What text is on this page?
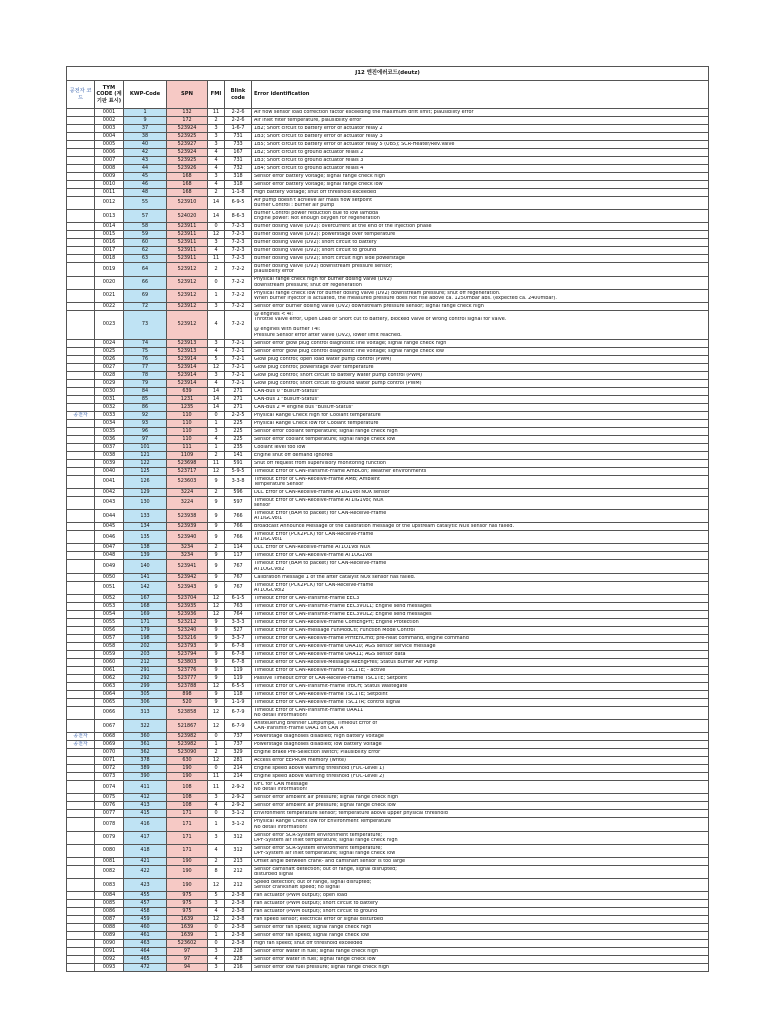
J12 엔진에러코드(deutz)						
공전자 코드	TYM CODE (계기판 표시)	KWP-Code	SPN	FMI	Blink code	Error identification
	0001	1	132	11	2-2-6	Air flow sensor load correction factor exceeding the maximum drift limit; plausibility error

	0002	9	172	2	2-2-6	Air inlet filter temperature, plausibility error

	0003	37	523924	3	1-6-7	1B2; Short circuit to battery error of actuator relay 2

	0004	38	523925	3	731	1B3; Short circuit to battery error of actuator relay 3

	0005	40	523927	3	733	1B5; Short circuit to battery error of actuator relay 5 (UB5); SCR-Heater/Rev.Valve

	0006	42	523924	4	167	1B2; Short circuit to ground actuator relais 2

	0007	43	523925	4	731	1B3; Short circuit to ground actuator relais 3

	0008	44	523926	4	732	1B4; Short circuit to ground actuator relais 4

	0009	45	168	3	318	Sensor error battery voltage; signal range check high

	0010	46	168	4	318	Sensor error battery voltage; signal range check low

	0011	48	168	2	1-1-8	High battery voltage; shut off threshold exceeded

	0012	55	523910	14	6-9-5	Air pump doesn't achieve air mass flow setpoint
Burner Control : burner air pump

	0013	57	524020	14	8-6-3	Burner Control power reduction due to low lambda
Engine power: Not enough oxygen for regeneration

	0014	58	523911	0	7-2-3	Burner dosing valve (DV2): overcurrent at the end of the injection phase

	0015	59	523911	12	7-2-3	Burner dosing valve (DV2): powerstage over temperature

	0016	60	523911	3	7-2-3	Burner dosing valve (DV2): short circuit to battery

	0017	62	523911	4	7-2-3	Burner dosing valve (DV2); short circuit to ground

	0018	63	523911	11	7-2-3	Burner dosing valve (DV2); short circuit high side powerstage

	0019	64	523912	2	7-2-2	Burner dosing valve (DV2) downstream pressure sensor;
plausibility error

	0020	66	523912	0	7-2-2	Physical range check high for burner dosing valve (DV2)
downstream pressure; shut off regeneration

	0021	69	523912	1	7-2-2	Physical range check low for burner dosing valve (DV2) downstream pressure; shut off regeneration.
When burner injector is actuated, the measured pressure does not rise above ca. 1250mbar abs. (expected ca. 2400mbar).

	0022	72	523912	3	7-2-2	Sensor error burner dosing valve (DV2) downstream pressure sensor; signal range check high

	0023	73	523912	4	7-2-2	@ engines < 4l:
Throttle valve error, Open Load or Short cut to Battery, blocked valve or wrong control signal for valve.
@ engines with Burner T4i:
Pressure Sensor error after valve (DV2), lower limit reached.

	0024	74	523913	3	7-2-1	Sensor error glow plug control diagnostic line voltage; signal range check high

	0025	75	523913	4	7-2-1	Sensor error glow plug control diagnostic line voltage; signal range check low

	0026	76	523914	5	7-2-1	Glow plug control; open load water pump control (PWM)

	0027	77	523914	12	7-2-1	Glow plug control; powerstage over temperature

	0028	78	523914	3	7-2-1	Glow plug control; short circuit to battery water pump control (PWM)

	0029	79	523914	4	7-2-1	Glow plug control; short circuit to ground water pump control (PWM)

	0030	84	639	14	271	CAN-Bus 0 "BusOff-Status"

	0031	85	1231	14	271	CAN-Bus 1 "BusOff-Status"

	0032	86	1235	14	271	CAN-Bus 2 = engine bus "BusOff-Status"

공전자	0033	92	110	0	2-2-5	Physical Range Check high for Coolant temperature

	0034	93	110	1	225	Physical Range Check low for Coolant temperature

	0035	96	110	3	225	Sensor error coolant temperature; signal range check high

	0036	97	110	4	225	Sensor error coolant temperature; signal range check low

	0037	101	111	1	235	Coolant level too low

	0038	121	1109	2	141	Engine shut off demand ignored

	0039	122	523698	11	591	Shut off request from supervisory monitoring function

	0040	125	523717	12	5-9-5	Timeout Error of CAN-Transmit-Frame AmbCon; Weather environments

	0041	126	523603	9	3-3-8	Timeout Error of CAN-Receive-Frame AMB; Ambient
Temperature Sensor

	0042	129	3224	2	596	DLC Error of CAN-Receive-Frame AT1IG1Vol NOX sensor

	0043	130	3224	9	597	Timeout Error of CAN-Receive-Frame AT1IG1Vol; NOX
sensor

	0044	133	523938	9	766	Timeout Error (BAM to packet) for CAN-Receive-Frame
AT1IGCVol1

	0045	134	523939	9	766	Broadcast Announce Message of the calibration message of the upstream catalytic NOx sensor has failed.

	0046	135	523940	9	766	Timeout Error (PCK2PCK) for CAN-Receive-Frame
AT1IGCVol1

	0047	138	3234	2	114	DLC Error of CAN-Receive-Frame AT1O1Vol NOX

	0048	139	3234	9	117	Timeout Error of CAN-Receive-Frame AT1OG1Vol

	0049	140	523941	9	767	Timeout Error (BAM to packet) for CAN-Receive-Frame
AT1OGCVol2

	0050	141	523942	9	767	Calibration message 1 of the after catalyst NOx sensor has failed.

	0051	142	523943	9	767	Timeout Error (PCK2PCK) for CAN-Receive-Frame
AT1OGCVol2

	0052	167	523704	12	6-1-5	Timeout Error of CAN-Transmit-Frame EEC3

	0053	168	523935	12	763	Timeout Error of CAN-Transmit-Frame EEC3VOL1; Engine send messages

	0054	169	523936	12	764	Timeout Error of CAN-Transmit-Frame EEC3VOL2; Engine send messages

	0055	171	523212	9	3-3-3	Timeout Error of CAN-Receive-Frame ComEngPrt; Engine Protection

	0056	179	523240	9	527	Timeout Error of CAN-message FunModCtl; Function Mode Control

	0057	198	523216	9	3-3-7	Timeout Error of CAN-Receive-Frame PrHtEnCmd; pre-heat command, engine command

	0058	202	523793	9	6-7-8	Timeout Error of CAN-Receive-Frame UAA10; AGS sensor service message

	0059	203	523794	9	6-7-8	Timeout Error of CAN-Receive-Frame UAA11; AGS sensor data

	0060	212	523803	9	6-7-8	Timeout error of CAN-Receive-Message ReEngPres; Status Burner Air Pump

	0061	291	523776	9	119	Timeout Error of CAN-Receive-Frame TSC1TE; - active

	0062	292	523777	9	119	Passive Timeout Error of CAN-Receive-Frame TSC1TE; Setpoint

	0063	299	523788	12	6-5-5	Timeout Error of CAN-Transmit-Frame TrbCH; Status Wastegate

	0064	305	898	9	118	Timeout Error of CAN-Receive-Frame TSC1TE; Setpoint

	0065	306	520	9	1-1-9	Timeout Error of CAN-Receive-Frame TSC1TR; control signal

	0066	313	523858	12	6-7-9	Timeout Error of CAN-Transmit-Frame UAA11
No detail information!

	0067	322	521867	12	6-7-9	Ansteuerung Brenner Luftpumpe, Timeout Error of
CAN-Transmit-Frame UAA1 on CAN A

공전자	0068	360	523982	0	737	Powerstage diagnoses disabled; high battery voltage

공전자	0069	361	523982	1	737	Powerstage diagnoses disabled; low battery voltage

	0070	362	523090	2	329	Engine Brake Pre-Selection switch; Plausibility Error

	0071	378	630	12	281	Access error EEPROM memory (write)

	0072	389	190	0	214	Engine speed above warning threshold (FOC-Level 1)

	0073	390	190	11	214	Engine speed above warning threshold (FOC-Level 2)

	0074	411	108	11	2-9-2	DFC for CAN message
No detail information!

	0075	412	108	3	2-9-2	Sensor error ambient air pressure; signal range check high

	0076	413	108	4	2-9-2	Sensor error ambient air pressure; signal range check low

	0077	415	171	0	3-1-2	Environment temperature sensor; temperature above upper physical threshold

	0078	416	171	1	3-1-2	Physical Range Check low for Environment Temperature
No detail information!

	0079	417	171	3	312	Sensor error SCR-System environment temperature;
DPF-System air inlet temperature; signal range check high

	0080	418	171	4	312	Sensor error SCR-System environment temperature;
DPF-System air inlet temperature; signal range check low

	0081	421	190	2	213	Offset angle between crank- and camshaft sensor is too large

	0082	422	190	8	212	Sensor camshaft detection; out of range, signal disrupted;
disturbed signal

	0083	423	190	12	212	Speed detection; out of range, signal disrupted;
Sensor crankshaft speed; no signal

	0084	455	975	5	2-3-8	Fan actuator (PWM output); open load

	0085	457	975	3	2-3-8	Fan actuator (PWM output); short circuit to battery

	0086	458	975	4	2-3-8	Fan actuator (PWM output); short circuit to ground

	0087	459	1639	12	2-3-8	Fan speed sensor; electrical error or signal disturbed

	0088	460	1639	0	2-3-8	Sensor error fan speed; signal range check high

	0089	461	1639	1	2-3-8	Sensor error fan speed; signal range check low

	0090	463	523602	0	2-3-8	High fan speed; shut off threshold exceeded

	0091	464	97	3	228	Sensor error water in fuel; signal range check high

	0092	465	97	4	228	Sensor error water in fuel; signal range check low

	0093	472	94	3	216	Sensor error low fuel pressure; signal range check high
